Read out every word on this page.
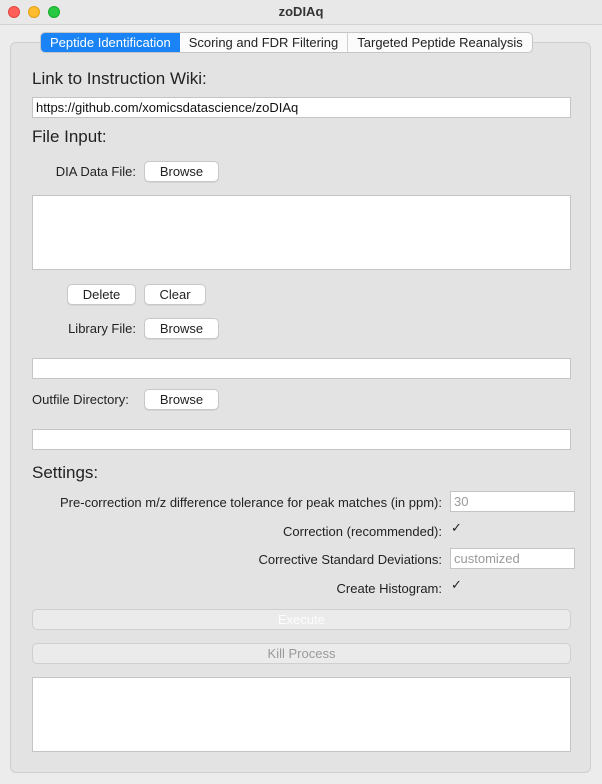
zoDIAq
Peptide Identification	Scoring and FDR Filtering	Targeted Peptide Reanalysis
Link to Instruction Wiki:
https://github.com/xomicsdatascience/zoDIAq
File Input:
DIA Data File:	Browse
Delete	Clear
Library File:	Browse
Outfile Directory:	Browse
Settings:
Pre-correction m/z difference tolerance for peak matches (in ppm): 30
Correction (recommended): ✓
Corrective Standard Deviations: customized
Create Histogram: ✓
Execute
Kill Process
